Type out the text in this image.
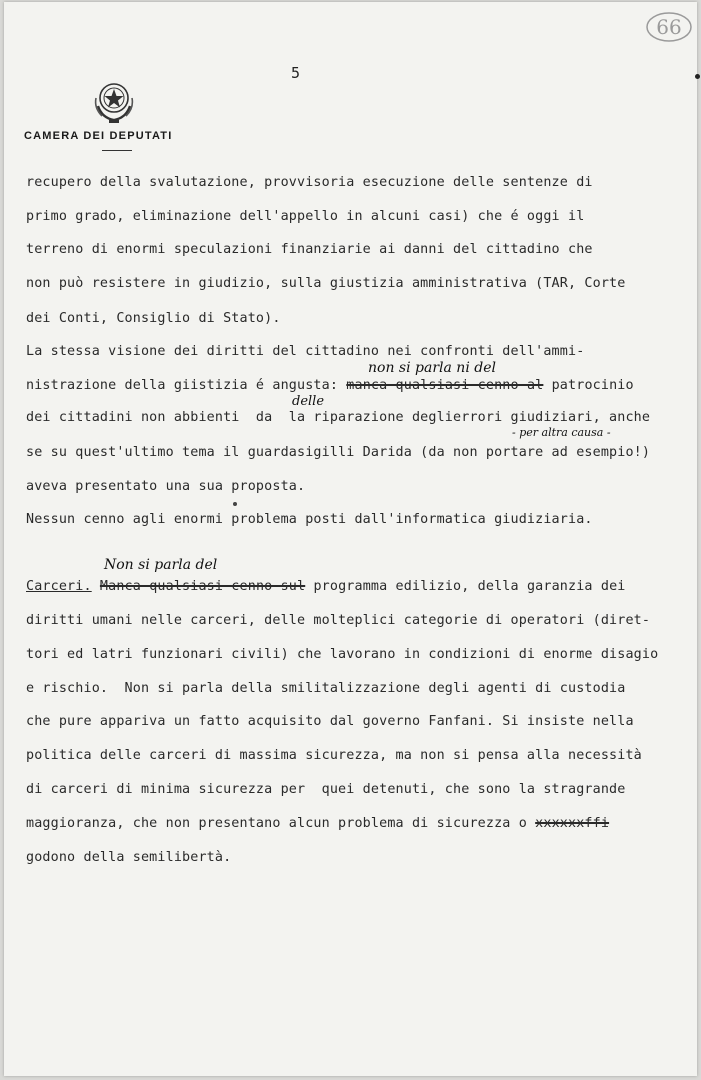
66
5
CAMERA DEI DEPUTATI
recupero della svalutazione, provvisoria esecuzione delle sentenze di
primo grado, eliminazione dell'appello in alcuni casi) che é oggi il
terreno di enormi speculazioni finanziarie ai danni del cittadino che
non può resistere in giudizio, sulla giustizia amministrativa (TAR, Corte
dei Conti, Consiglio di Stato).
La stessa visione dei diritti del cittadino nei confronti dell'ammi-
non si parla ni del
nistrazione della giistizia é angusta: manca qualsiasi cenno al patrocinio
delle
dei cittadini non abbienti  da  la riparazione deglierrori giudiziari, anche
- per altra causa -
se su quest'ultimo tema il guardasigilli Darida (da non portare ad esempio!)
aveva presentato una sua proposta.
Nessun cenno agli enormi problema posti dall'informatica giudiziaria.
Non si parla del
Carceri. Manca qualsiasi cenno sul programma edilizio, della garanzia dei
diritti umani nelle carceri, delle molteplici categorie di operatori (diret-
tori ed latri funzionari civili) che lavorano in condizioni di enorme disagio
e rischio.  Non si parla della smilitalizzazione degli agenti di custodia
che pure appariva un fatto acquisito dal governo Fanfani. Si insiste nella
politica delle carceri di massima sicurezza, ma non si pensa alla necessità
di carceri di minima sicurezza per  quei detenuti, che sono la stragrande
maggioranza, che non presentano alcun problema di sicurezza o xxxxxxffi
godono della semilibertà.
